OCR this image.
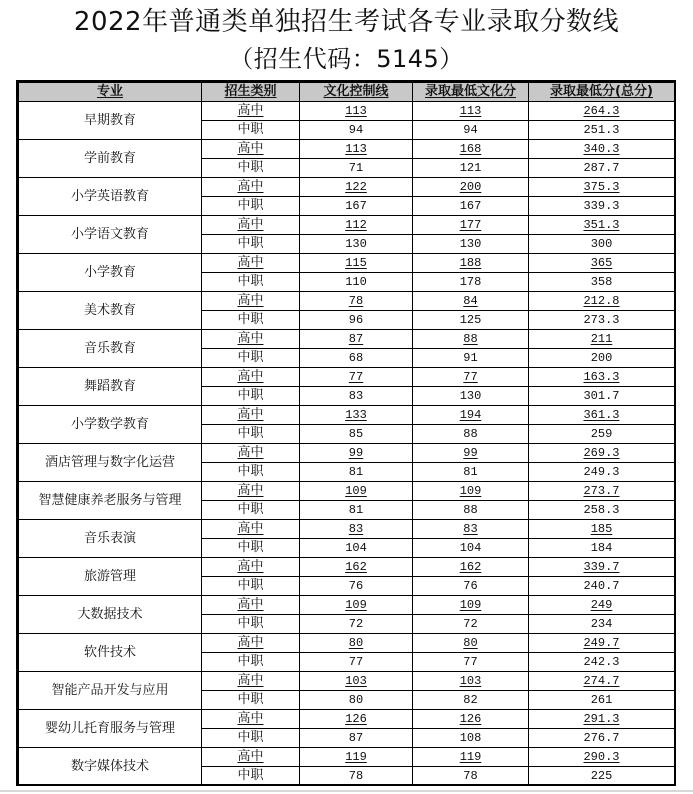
2022年普通类单独招生考试各专业录取分数线
（招生代码：5145）
专业	招生类别	文化控制线	录取最低文化分	录取最低分(总分)
早期教育	高中	113	113	264.3
	中职	94	94	251.3
学前教育	高中	113	168	340.3
	中职	71	121	287.7
小学英语教育	高中	122	200	375.3
	中职	167	167	339.3
小学语文教育	高中	112	177	351.3
	中职	130	130	300
小学教育	高中	115	188	365
	中职	110	178	358
美术教育	高中	78	84	212.8
	中职	96	125	273.3
音乐教育	高中	87	88	211
	中职	68	91	200
舞蹈教育	高中	77	77	163.3
	中职	83	130	301.7
小学数学教育	高中	133	194	361.3
	中职	85	88	259
酒店管理与数字化运营	高中	99	99	269.3
	中职	81	81	249.3
智慧健康养老服务与管理	高中	109	109	273.7
	中职	81	88	258.3
音乐表演	高中	83	83	185
	中职	104	104	184
旅游管理	高中	162	162	339.7
	中职	76	76	240.7
大数据技术	高中	109	109	249
	中职	72	72	234
软件技术	高中	80	80	249.7
	中职	77	77	242.3
智能产品开发与应用	高中	103	103	274.7
	中职	80	82	261
婴幼儿托育服务与管理	高中	126	126	291.3
	中职	87	108	276.7
数字媒体技术	高中	119	119	290.3
	中职	78	78	225
